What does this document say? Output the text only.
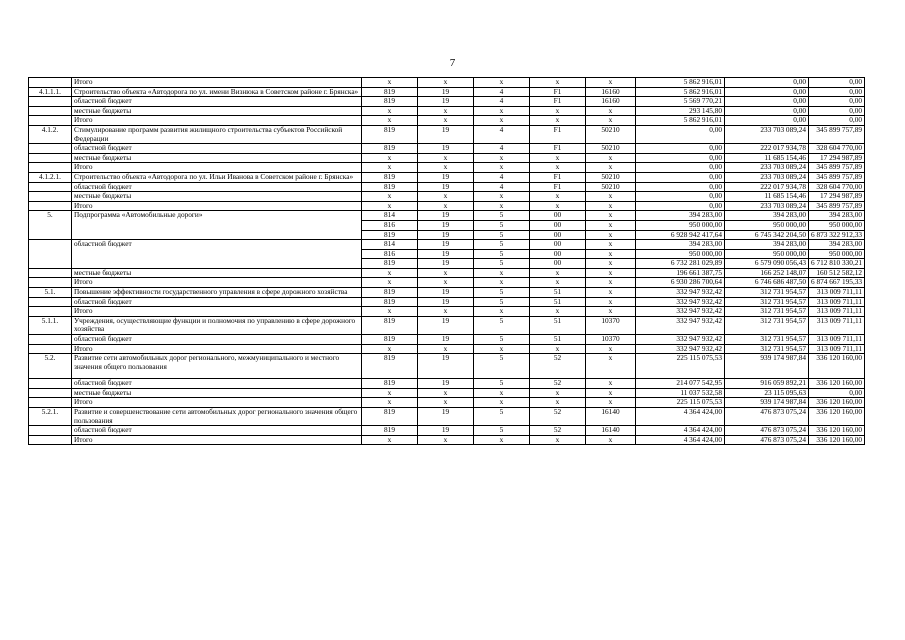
7
	Итого	x	x	x	x	x	5 862 916,01	0,00	0,00
4.1.1.1.	Строительство объекта «Автодорога по ул. имени Визнюка в Советском районе г. Брянска»	819	19	4	F1	16160	5 862 916,01	0,00	0,00
	областной бюджет	819	19	4	F1	16160	5 569 770,21	0,00	0,00
	местные бюджеты	x	x	x	x	x	293 145,80	0,00	0,00
	Итого	x	x	x	x	x	5 862 916,01	0,00	0,00
4.1.2.	Стимулирование программ развития жилищного строительства субъектов Российской Федерации	819	19	4	F1	50210	0,00	233 703 089,24	345 899 757,89
	областной бюджет	819	19	4	F1	50210	0,00	222 017 934,78	328 604 770,00
	местные бюджеты	x	x	x	x	x	0,00	11 685 154,46	17 294 987,89
	Итого	x	x	x	x	x	0,00	233 703 089,24	345 899 757,89
4.1.2.1.	Строительство объекта «Автодорога по ул. Ильи Иванова в Советском районе г. Брянска»	819	19	4	F1	50210	0,00	233 703 089,24	345 899 757,89
	областной бюджет	819	19	4	F1	50210	0,00	222 017 934,78	328 604 770,00
	местные бюджеты	x	x	x	x	x	0,00	11 685 154,46	17 294 987,89
	Итого	x	x	x	x	x	0,00	233 703 089,24	345 899 757,89
5.	Подпрограмма «Автомобильные дороги»	814	19	5	00	x	394 283,00	394 283,00	394 283,00
		816	19	5	00	x	950 000,00	950 000,00	950 000,00
		819	19	5	00	x	6 928 942 417,64	6 745 342 204,50	6 873 322 912,33
	областной бюджет	814	19	5	00	x	394 283,00	394 283,00	394 283,00
		816	19	5	00	x	950 000,00	950 000,00	950 000,00
		819	19	5	00	x	6 732 281 029,89	6 579 090 056,43	6 712 810 330,21
	местные бюджеты	x	x	x	x	x	196 661 387,75	166 252 148,07	160 512 582,12
	Итого	x	x	x	x	x	6 930 286 700,64	6 746 686 487,50	6 874 667 195,33
5.1.	Повышение эффективности государственного управления в сфере дорожного хозяйства	819	19	5	51	x	332 947 932,42	312 731 954,57	313 009 711,11
	областной бюджет	819	19	5	51	x	332 947 932,42	312 731 954,57	313 009 711,11
	Итого	x	x	x	x	x	332 947 932,42	312 731 954,57	313 009 711,11
5.1.1.	Учреждения, осуществляющие функции и полномочия по управлению в сфере дорожного хозяйства	819	19	5	51	10370	332 947 932,42	312 731 954,57	313 009 711,11
	областной бюджет	819	19	5	51	10370	332 947 932,42	312 731 954,57	313 009 711,11
	Итого	x	x	x	x	x	332 947 932,42	312 731 954,57	313 009 711,11
5.2.	Развитие сети автомобильных дорог регионального, межмуниципального и местного значения общего пользования	819	19	5	52	x	225 115 075,53	939 174 987,84	336 120 160,00
	областной бюджет	819	19	5	52	x	214 077 542,95	916 059 892,21	336 120 160,00
	местные бюджеты	x	x	x	x	x	11 037 532,58	23 115 095,63	0,00
	Итого	x	x	x	x	x	225 115 075,53	939 174 987,84	336 120 160,00
5.2.1.	Развитие и совершенствование сети автомобильных дорог регионального значения общего пользования	819	19	5	52	16140	4 364 424,00	476 873 075,24	336 120 160,00
	областной бюджет	819	19	5	52	16140	4 364 424,00	476 873 075,24	336 120 160,00
	Итого	x	x	x	x	x	4 364 424,00	476 873 075,24	336 120 160,00
